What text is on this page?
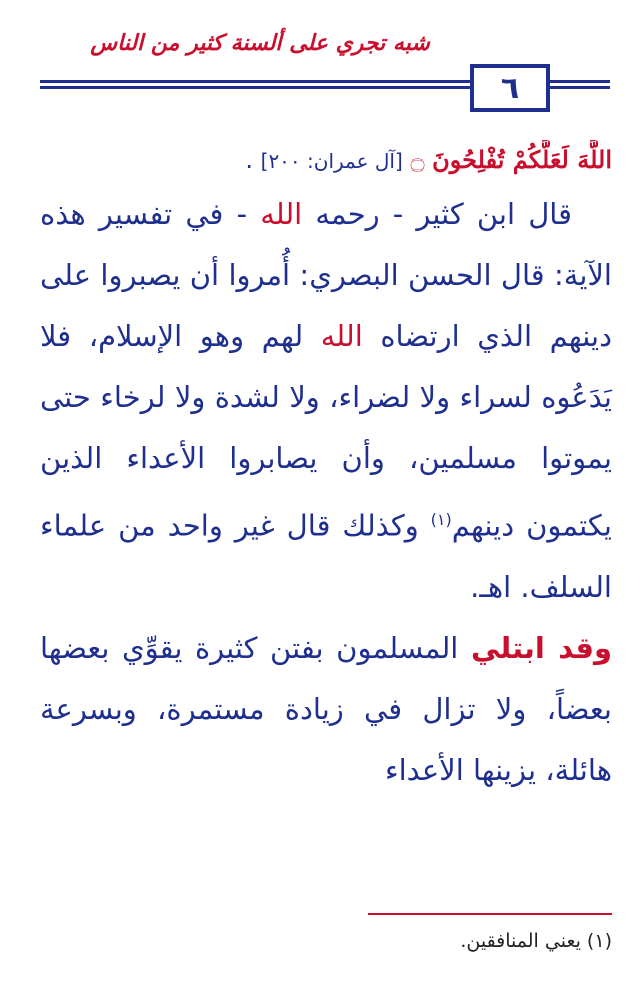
شبه تجري على ألسنة كثير من الناس
٦
اللَّهَ لَعَلَّكُمْ تُفْلِحُونَ ۝ [آل عمران: ٢٠٠] .

قال ابن كثير - رحمه الله - في تفسير هذه الآية: قال الحسن البصري: أُمروا أن يصبروا على دينهم الذي ارتضاه الله لهم وهو الإسلام، فلا يَدَعُوه لسراء ولا لضراء، ولا لشدة ولا لرخاء حتى يموتوا مسلمين، وأن يصابروا الأعداء الذين يكتمون دينهم$^{(١)}$ وكذلك قال غير واحد من علماء السلف. اهـ.

وقد ابتلي المسلمون بفتن كثيرة يقوِّي بعضها بعضاً، ولا تزال في زيادة مستمرة، وبسرعة هائلة، يزينها الأعداء

(١) يعني المنافقين.
